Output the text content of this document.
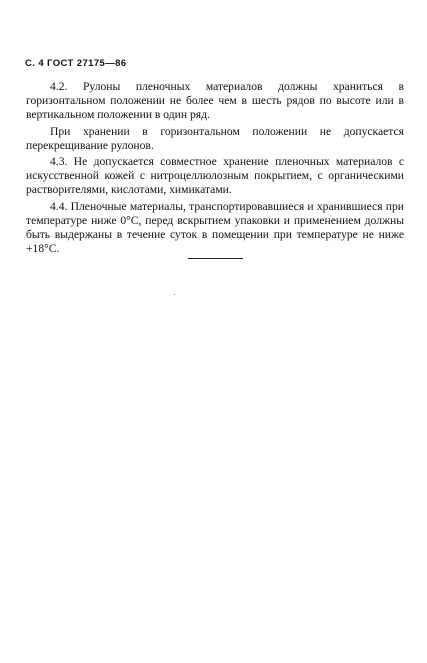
С. 4 ГОСТ 27175—86

4.2. Рулоны пленочных материалов должны храниться в горизонтальном положении не более чем в шесть рядов по высоте или в вертикальном положении в один ряд.

При хранении в горизонтальном положении не допускается перекрещивание рулонов.

4.3. Не допускается совместное хранение пленочных материалов с искусственной кожей с нитроцеллюлозным покрытием, с органическими растворителями, кислотами, химикатами.

4.4. Пленочные материалы, транспортировавшиеся и хранившиеся при температуре ниже 0°С, перед вскрытием упаковки и применением должны быть выдержаны в течение суток в помещении при температуре не ниже +18°С.
